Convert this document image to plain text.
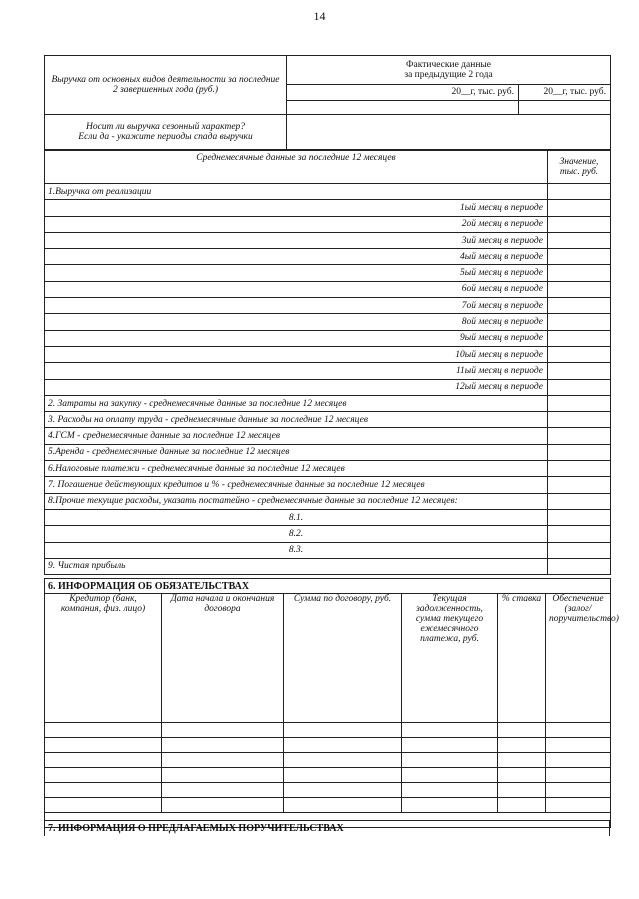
14
Выручка от основных видов деятельности за последние 2 завершенных года (руб.)	Фактические данные
за предыдущие 2 года	

	20__г, тыс. руб.	20__г, тыс. руб.

Носит ли выручка сезонный характер?
Если да - укажите периоды спада выручки		

Среднемесячные данные за последние 12 месяцев	Значение,
тыс. руб.

1.Выручка от реализации	
1ый месяц в периоде	
2ой месяц в периоде	
3ий месяц в периоде	
4ый месяц в периоде	
5ый месяц в периоде	
6ой месяц в периоде	
7ой месяц в периоде	
8ой месяц в периоде	
9ый месяц в периоде	
10ый месяц в периоде	
11ый месяц в периоде	
12ый месяц в периоде	
2. Затраты на закупку - среднемесячные данные за последние 12 месяцев	
3. Расходы на оплату труда - среднемесячные данные за последние 12 месяцев	
4.ГСМ - среднемесячные данные за последние 12 месяцев	
5.Аренда - среднемесячные данные за последние 12 месяцев	
6.Налоговые платежи - среднемесячные данные за последние 12 месяцев	
7. Погашение действующих кредитов и % - среднемесячные данные за последние 12 месяцев	
8.Прочие текущие расходы, указать постатейно - среднемесячные данные за последние 12 месяцев:	
8.1.	
8.2.	
8.3.	
9. Чистая прибыль	
6. ИНФОРМАЦИЯ ОБ ОБЯЗАТЕЛЬСТВАХ					
Кредитор (банк, компания, физ. лицо)	Дата начала и окончания договора	Сумма по договору, руб.	Текущая задолженность, сумма текущего ежемесячного платежа, руб.	% ставка	Обеспечение (залог/поручительство)

7. ИНФОРМАЦИЯ О ПРЕДЛАГАЕМЫХ ПОРУЧИТЕЛЬСТВАХ
